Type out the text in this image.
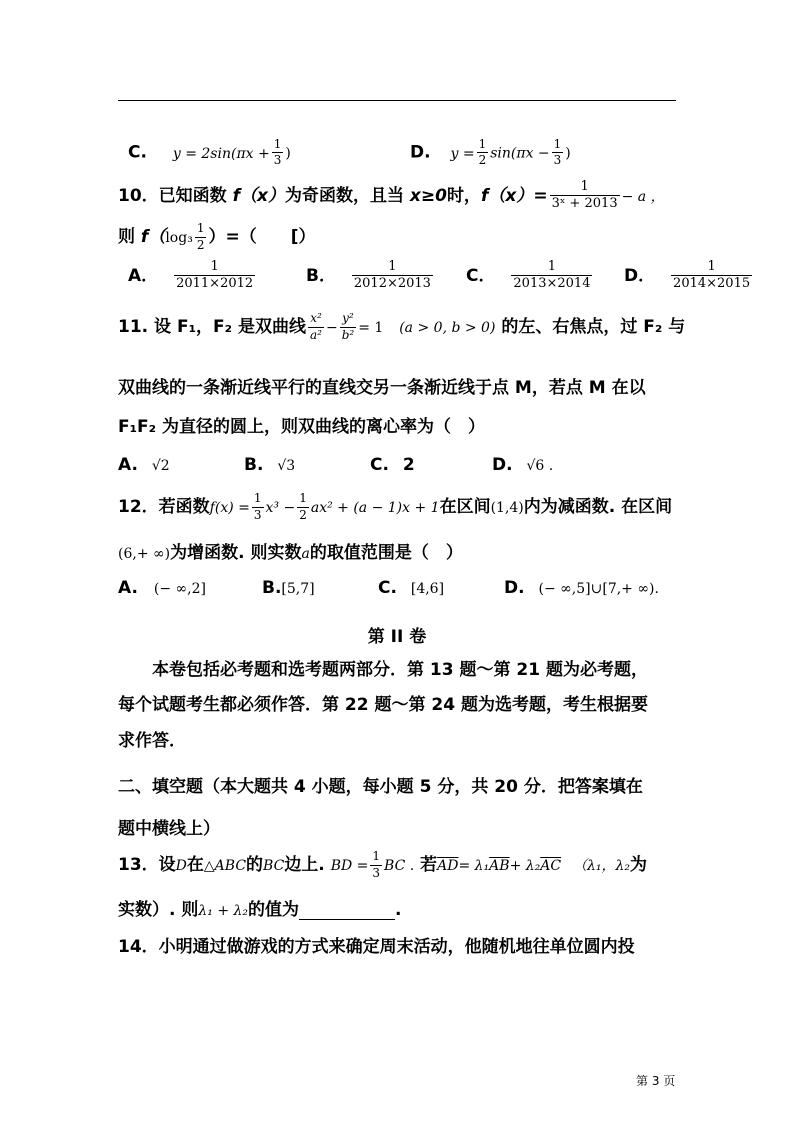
C. $y = 2\sin(\pi x + \frac{1}{3}$ )	D. $y = \frac{1}{2} \sin(\pi x - \frac{1}{3}$ )
10．已知函数 f（x）为奇函数，且当 x≥0时，$f(x)= \frac{1}{\text{3ˣ + 2013}} - a$ ，
则 $f(\log_3 \frac{1}{2}$ ）=（　　[）
A． $\frac{1}{2011\times 2012}$	B． $\frac{1}{2012\times 2013}$ C． $\frac{1}{2013\times 2014}$ D． $\frac{1}{2014\times 2015}$
11. 设 F₁，F₂ 是双曲线 $\frac{\text{x²}}{\text{a²}} - \frac{\text{y²}}{\text{b²}} = 1$ (a > 0, b > 0) 的左、右焦点，过 F₂ 与
双曲线的一条渐近线平行的直线交另一条渐近线于点 M，若点 M 在以
F₁F₂ 为直径的圆上，则双曲线的离心率为（　）
A. √2	B. √3	C. 2	D. √6 .
12．若函数$f(x) = \frac{1}{3} x^3 - \frac{1}{2} ax^2 + (a - 1)x + 1$在区间(1,4)内为减函数. 在区间
(6,+ ∞)为增函数. 则实数a的取值范围是（　）
A. (− ∞,2]	B.[5,7]	C. [4,6]	D. (− ∞,5]∪[7,+ ∞).
第 II 卷
本卷包括必考题和选考题两部分．第 13 题～第 21 题为必考题，
每个试题考生都必须作答．第 22 题～第 24 题为选考题，考生根据要
求作答．
二、填空题（本大题共 4 小题，每小题 5 分，共 20 分．把答案填在
题中横线上）
13．设D在△ABC的BC边上. BD = $\frac{1}{3}$ BC . 若$\overline{AD}= \lambda_1\overline{AB}+ \lambda_2\overline{AC}$ （λ₁，λ₂为
实数）. 则λ₁ + λ₂的值为	.
14．小明通过做游戏的方式来确定周末活动，他随机地往单位圆内投
第 3 页
